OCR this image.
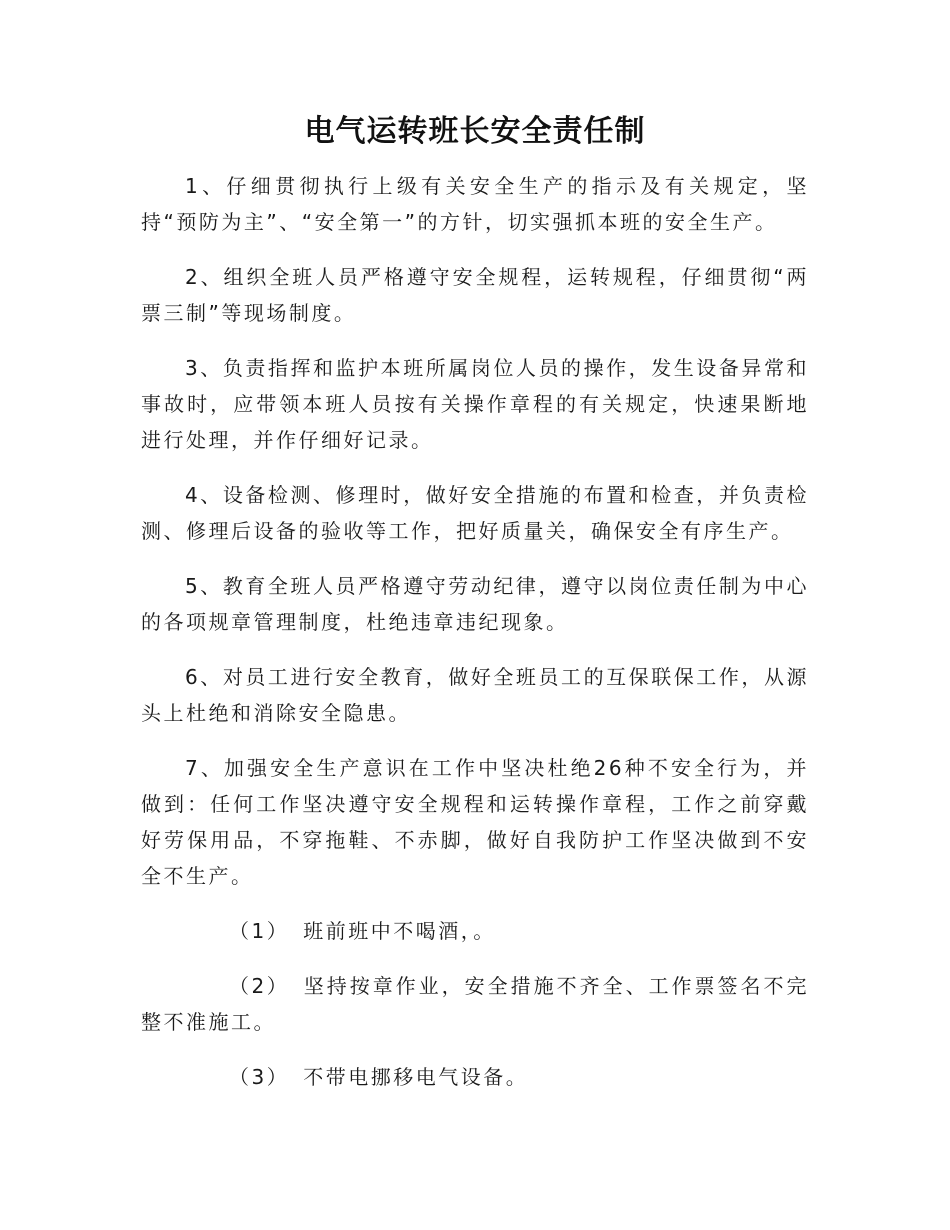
电气运转班长安全责任制

1、仔细贯彻执行上级有关安全生产的指示及有关规定，坚持“预防为主”、“安全第一”的方针，切实强抓本班的安全生产。

2、组织全班人员严格遵守安全规程，运转规程，仔细贯彻“两票三制”等现场制度。

3、负责指挥和监护本班所属岗位人员的操作，发生设备异常和事故时，应带领本班人员按有关操作章程的有关规定，快速果断地进行处理，并作仔细好记录。

4、设备检测、修理时，做好安全措施的布置和检查，并负责检测、修理后设备的验收等工作，把好质量关，确保安全有序生产。

5、教育全班人员严格遵守劳动纪律，遵守以岗位责任制为中心的各项规章管理制度，杜绝违章违纪现象。

6、对员工进行安全教育，做好全班员工的互保联保工作，从源头上杜绝和消除安全隐患。

7、加强安全生产意识在工作中坚决杜绝26种不安全行为，并做到：任何工作坚决遵守安全规程和运转操作章程，工作之前穿戴好劳保用品，不穿拖鞋、不赤脚，做好自我防护工作坚决做到不安全不生产。

（1） 班前班中不喝酒，。

（2） 坚持按章作业，安全措施不齐全、工作票签名不完整不准施工。

（3） 不带电挪移电气设备。
